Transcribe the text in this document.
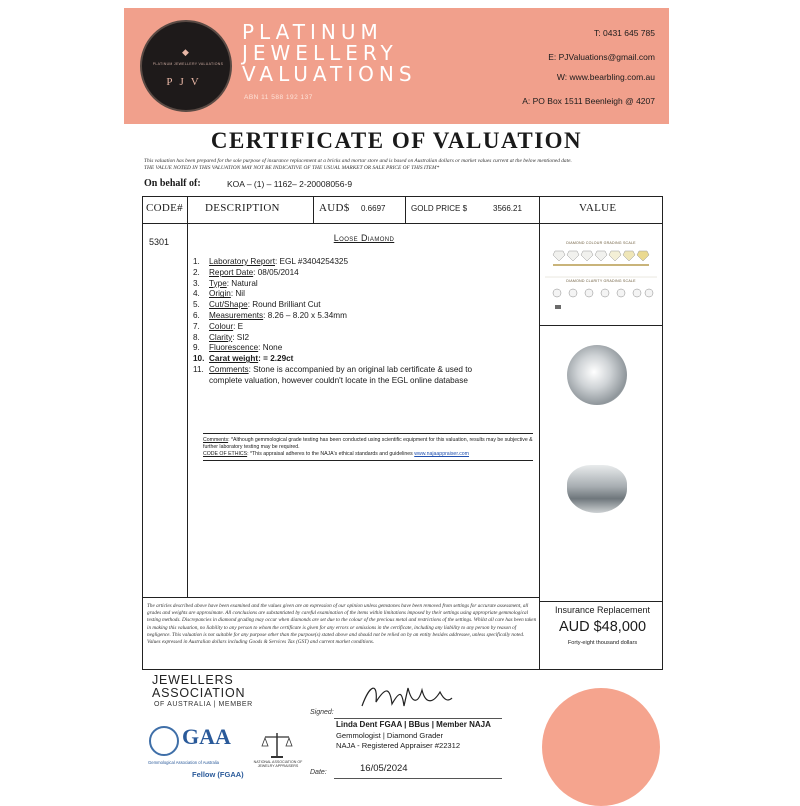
◆
PLATINUM JEWELLERY VALUATIONS
PJV
PLATINUM
JEWELLERY
VALUATIONS
ABN 11 588 192 137
T: 0431 645 785
E: PJValuations@gmail.com
W: www.bearbling.com.au
A: PO Box 1511 Beenleigh @ 4207
CERTIFICATE OF VALUATION
This valuation has been prepared for the sole purpose of insurance replacement at a bricks and mortar store and is based on Australian dollars or market values current at the below mentioned date.
THE VALUE NOTED IN THIS VALUATION MAY NOT BE INDICATIVE OF THE USUAL MARKET OR SALE PRICE OF THIS ITEM*
On behalf of:	KOA – (1) – 1162– 2-20008056-9
CODE# DESCRIPTION	AUD$ 0.6697	GOLD PRICE $	3566.21	VALUE
5301	Loose Diamond
1.	Laboratory Report: EGL #3404254325
2.	Report Date: 08/05/2014
3.	Type: Natural
4.	Origin: Nil
5.	Cut/Shape: Round Brilliant Cut
6.	Measurements: 8.26 – 8.20 x 5.34mm
7.	Colour: E
8.	Clarity: SI2
9.	Fluorescence: None
10. Carat weight: = 2.29ct
11. Comments: Stone is accompanied by an original lab certificate & used to complete valuation, however couldn't locate in the EGL online database
Comments: *Although gemmological grade testing has been conducted using scientific equipment for this valuation, results may be subjective & further laboratory testing may be required.
CODE OF ETHICS: *This appraisal adheres to the NAJA's ethical standards and guidelines www.najaappraiser.com
DIAMOND COLOUR GRADING SCALE
DIAMOND CLARITY GRADING SCALE
The articles described above have been examined and the values given are an expression of our opinion unless gemstones have been removed from settings for accurate assessment, all grades and weights are approximate. All conclusions are substantiated by careful examination of the items within limitations imposed by their settings using appropriate gemmological testing methods. Discrepancies in diamond grading may occur when diamonds are set due to the colour of the precious metal and restrictions of the settings. Whilst all care has been taken in making this valuation, no liability to any person to whom the certificate is given for any errors or omissions in the certificate, including any liability to any person by reason of negligence. This valuation is not suitable for any purpose other than the purpose(s) stated above and should not be relied on by an entity besides addressee, unless specifically noted. Values expressed in Australian dollars including Goods & Services Tax (GST) and current market conditions.
Insurance Replacement
AUD $48,000
Forty-eight thousand dollars
JEWELLERS
ASSOCIATION
OF AUSTRALIA | MEMBER
GAA
Gemmological Association of Australia
Fellow (FGAA)
NATIONAL ASSOCIATION OF JEWELRY APPRAISERS
Signed:
Linda Dent FGAA | BBus | Member NAJA
Gemmologist | Diamond Grader
NAJA - Registered Appraiser #22312
16/05/2024
Date:
